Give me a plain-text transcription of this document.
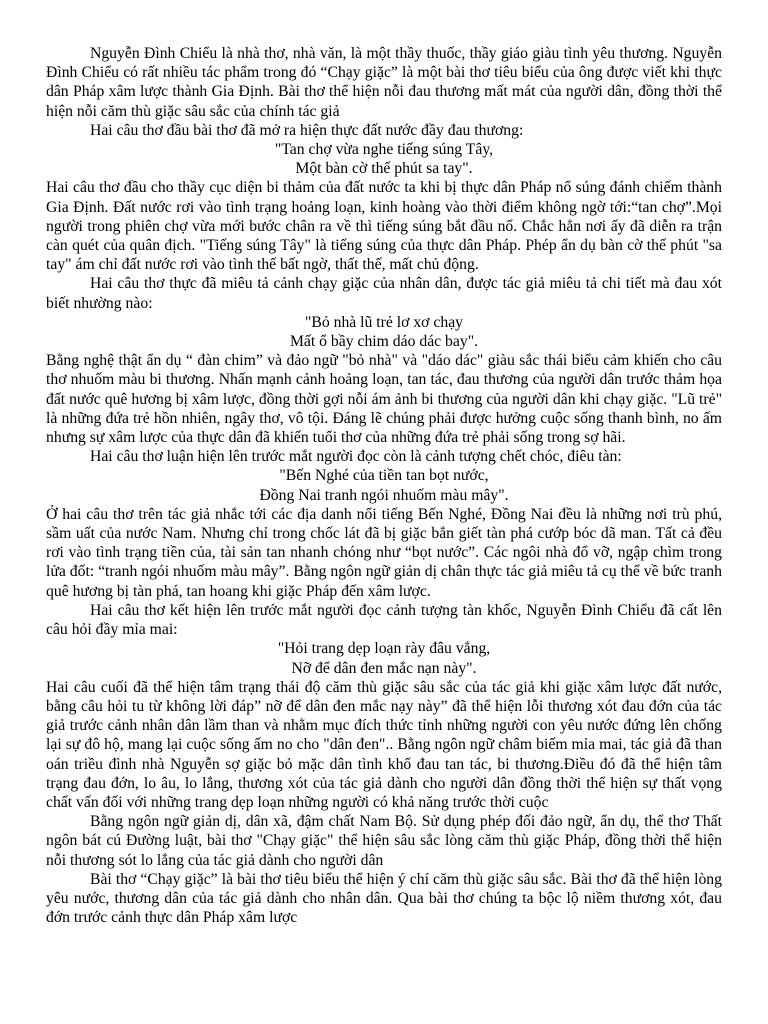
Nguyễn Đình Chiểu là nhà thơ, nhà văn, là một thầy thuốc, thầy giáo giàu tình yêu thương. Nguyễn Đình Chiểu có rất nhiều tác phẩm trong đó “Chạy giặc” là một bài thơ tiêu biểu của ông được viết khi thực dân Pháp xâm lược thành Gia Định. Bài thơ thể hiện nỗi đau thương mất mát của người dân, đồng thời thể hiện nỗi căm thù giặc sâu sắc của chính tác giả

Hai câu thơ đầu bài thơ đã mở ra hiện thực đất nước đầy đau thương:

"Tan chợ vừa nghe tiếng súng Tây,

Một bàn cờ thế phút sa tay".

Hai câu thơ đầu cho thầy cục diện bi thảm của đất nước ta khi bị thực dân Pháp nổ súng đánh chiếm thành Gia Định. Đất nước rơi vào tình trạng hoảng loạn, kinh hoàng vào thời điểm không ngờ tới:“tan chợ”.Mọi người trong phiên chợ vừa mới bước chân ra về thì tiếng súng bắt đầu nổ. Chắc hẳn nơi ấy đã diễn ra trận càn quét của quân địch. "Tiếng súng Tây" là tiếng súng của thực dân Pháp. Phép ẩn dụ bàn cờ thế phút "sa tay" ám chỉ đất nước rơi vào tình thế bất ngờ, thất thế, mất chủ động.

Hai câu thơ thực đã miêu tả cảnh chạy giặc của nhân dân, được tác giả miêu tả chi tiết mà đau xót biết nhường nào:

"Bỏ nhà lũ trẻ lơ xơ chạy

Mất ổ bầy chim dáo dác bay".

Bằng nghệ thật ẩn dụ “ đàn chim” và đảo ngữ "bỏ nhà" và "dáo dác" giàu sắc thái biểu cảm khiến cho câu thơ nhuốm màu bi thương. Nhấn mạnh cảnh hoảng loạn, tan tác, đau thương của người dân trước thảm họa đất nước quê hương bị xâm lược, đồng thời gợi nỗi ám ảnh bi thương của người dân khi chạy giặc. "Lũ trẻ" là những đứa trẻ hồn nhiên, ngây thơ, vô tội. Đáng lẽ chúng phải được hưởng cuộc sống thanh bình, no ấm nhưng sự xâm lược của thực dân đã khiến tuổi thơ của những đứa trẻ phải sống trong sợ hãi.

Hai câu thơ luận hiện lên trước mắt người đọc còn là cảnh tượng chết chóc, điêu tàn:

"Bến Nghé của tiền tan bọt nước,

Đồng Nai tranh ngói nhuốm màu mây".

Ở hai câu thơ trên tác giả nhắc tới các địa danh nổi tiếng Bến Nghé, Đồng Nai đều là những nơi trù phú, sầm uất của nước Nam. Nhưng chỉ trong chốc lát đã bị giặc bắn giết tàn phá cướp bóc dã man. Tất cả đều rơi vào tình trạng tiền của, tài sản tan nhanh chóng như “bọt nước”. Các ngôi nhà đổ vỡ, ngập chìm trong lửa đốt: “tranh ngói nhuốm màu mây”. Bằng ngôn ngữ giản dị chân thực tác giả miêu tả cụ thể về bức tranh quê hương bị tàn phá, tan hoang khi giặc Pháp đến xâm lược.

Hai câu thơ kết hiện lên trước mắt người đọc cảnh tượng tàn khốc, Nguyễn Đình Chiểu đã cất lên câu hỏi đầy mỉa mai:

"Hỏi trang dẹp loạn rày đâu vắng,

Nỡ để dân đen mắc nạn này".

Hai câu cuối đã thể hiện tâm trạng thái độ căm thù giặc sâu sắc của tác giả khi giặc xâm lược đất nước, bằng câu hỏi tu từ không lời đáp” nỡ để dân đen mắc nạy này” đã thể hiện lỗi thương xót đau đớn của tác giả trước cảnh nhân dân lầm than và nhằm mục đích thức tỉnh những người con yêu nước đứng lên chống lại sự đô hộ, mang lại cuộc sống ấm no cho "dân đen".. Bằng ngôn ngữ châm biếm mỉa mai, tác giả đã than oán triều đình nhà Nguyễn sợ giặc bỏ mặc dân tình khổ đau tan tác, bi thương.Điều đó đã thể hiện tâm trạng đau đớn, lo âu, lo lắng, thương xót của tác giả dành cho người dân đồng thời thể hiện sự thất vọng chất vấn đối với những trang dẹp loạn những người có khả năng trước thời cuộc

Bằng ngôn ngữ giản dị, dân xã, đậm chất Nam Bộ. Sử dụng phép đối đảo ngữ, ẩn dụ, thể thơ Thất ngôn bát cú Đường luật, bài thơ "Chạy giặc" thể hiện sâu sắc lòng căm thù giặc Pháp, đồng thời thể hiện nỗi thương sót lo lắng của tác giả dành cho người dân

Bài thơ “Chạy giặc” là bài thơ tiêu biểu thể hiện ý chí căm thù giặc sâu sắc. Bài thơ đã thể hiện lòng yêu nước, thương dân của tác giả dành cho nhân dân. Qua bài thơ chúng ta bộc lộ niềm thương xót, đau đớn trước cảnh thực dân Pháp xâm lược
